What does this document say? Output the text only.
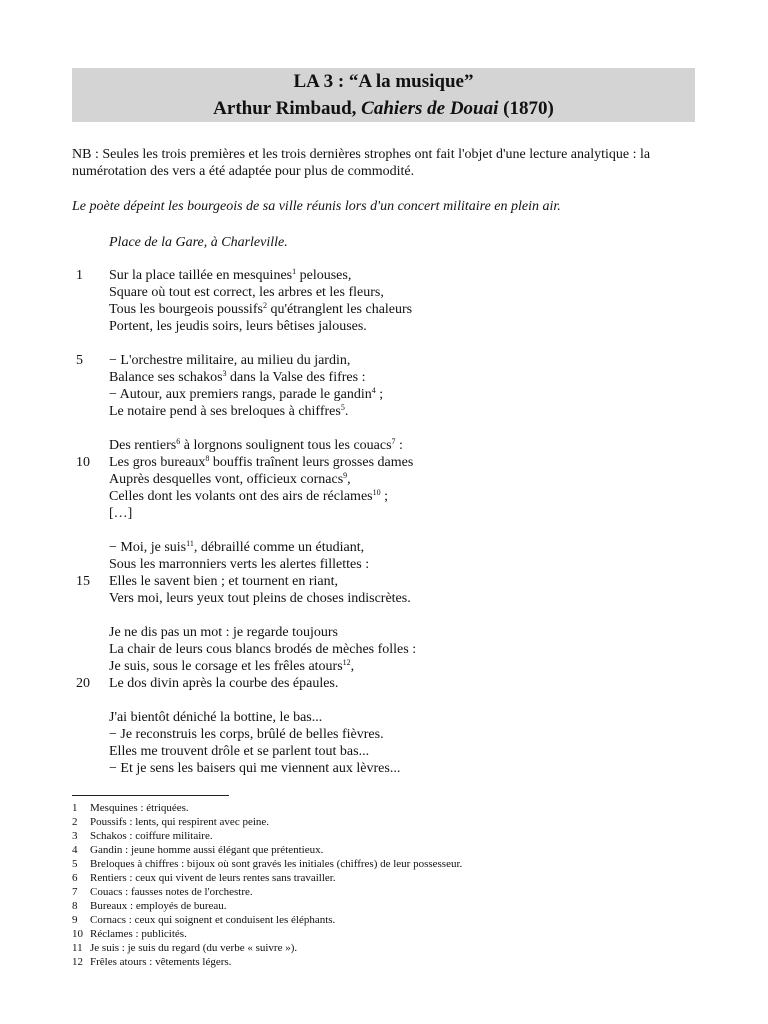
LA 3 : “A la musique”
Arthur Rimbaud, Cahiers de Douai (1870)
NB : Seules les trois premières et les trois dernières strophes ont fait l'objet d'une lecture analytique : la numérotation des vers a été adaptée pour plus de commodité.
Le poète dépeint les bourgeois de sa ville réunis lors d'un concert militaire en plein air.
Place de la Gare, à Charleville.
1 Sur la place taillée en mesquines$^1$ pelouses,
Square où tout est correct, les arbres et les fleurs,
Tous les bourgeois poussifs$^2$ qu'étranglent les chaleurs
Portent, les jeudis soirs, leurs bêtises jalouses.
5 − L'orchestre militaire, au milieu du jardin,
Balance ses schakos$^3$ dans la Valse des fifres :
− Autour, aux premiers rangs, parade le gandin$^4$ ;
Le notaire pend à ses breloques à chiffres$^5$.
Des rentiers$^6$ à lorgnons soulignent tous les couacs$^7$ :
10 Les gros bureaux$^8$ bouffis traînent leurs grosses dames
Auprès desquelles vont, officieux cornacs$^9$,
Celles dont les volants ont des airs de réclames$^{10}$ ;
[…]
− Moi, je suis$^{11}$, débraillé comme un étudiant,
Sous les marronniers verts les alertes fillettes :
15 Elles le savent bien ; et tournent en riant,
Vers moi, leurs yeux tout pleins de choses indiscrètes.
Je ne dis pas un mot : je regarde toujours
La chair de leurs cous blancs brodés de mèches folles :
Je suis, sous le corsage et les frêles atours$^{12}$,
20 Le dos divin après la courbe des épaules.
J'ai bientôt déniché la bottine, le bas...
− Je reconstruis les corps, brûlé de belles fièvres.
Elles me trouvent drôle et se parlent tout bas...
− Et je sens les baisers qui me viennent aux lèvres...
1 Mesquines : étriquées.
2 Poussifs : lents, qui respirent avec peine.
3 Schakos : coiffure militaire.
4 Gandin : jeune homme aussi élégant que prétentieux.
5 Breloques à chiffres : bijoux où sont gravés les initiales (chiffres) de leur possesseur.
6 Rentiers : ceux qui vivent de leurs rentes sans travailler.
7 Couacs : fausses notes de l'orchestre.
8 Bureaux : employés de bureau.
9 Cornacs : ceux qui soignent et conduisent les éléphants.
10 Réclames : publicités.
11 Je suis : je suis du regard (du verbe « suivre »).
12 Frêles atours : vêtements légers.
